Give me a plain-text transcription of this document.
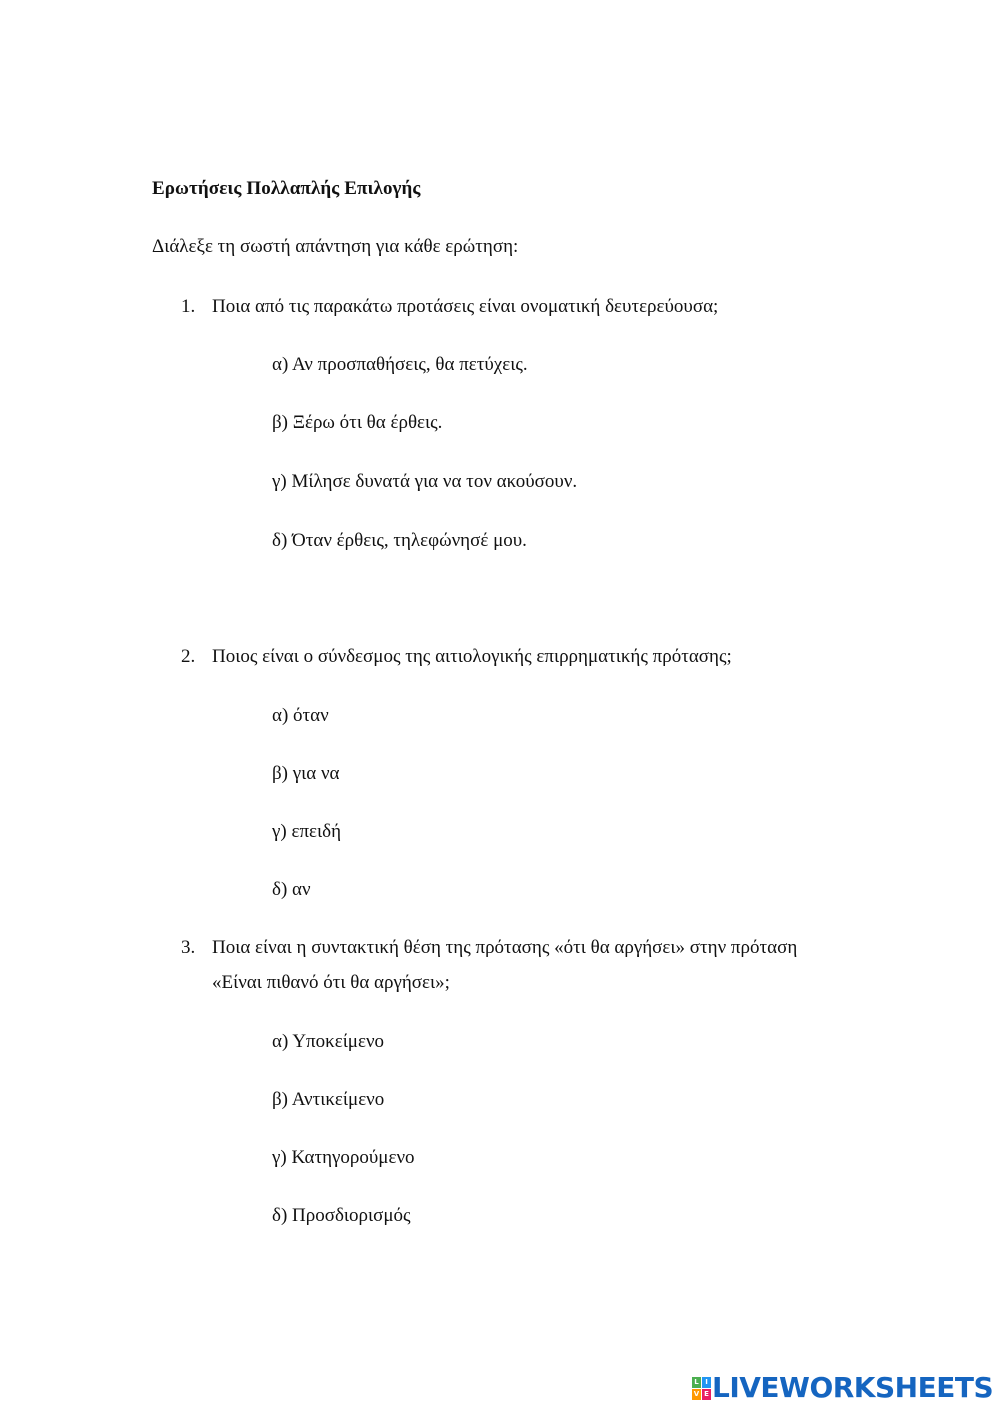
Ερωτήσεις Πολλαπλής Επιλογής
Διάλεξε τη σωστή απάντηση για κάθε ερώτηση:
1. Ποια από τις παρακάτω προτάσεις είναι ονοματική δευτερεύουσα;
α) Αν προσπαθήσεις, θα πετύχεις.
β) Ξέρω ότι θα έρθεις.
γ) Μίλησε δυνατά για να τον ακούσουν.
δ) Όταν έρθεις, τηλεφώνησέ μου.
2. Ποιος είναι ο σύνδεσμος της αιτιολογικής επιρρηματικής πρότασης;
α) όταν
β) για να
γ) επειδή
δ) αν
3. Ποια είναι η συντακτική θέση της πρότασης «ότι θα αργήσει» στην πρόταση
«Είναι πιθανό ότι θα αργήσει»;
α) Υποκείμενο
β) Αντικείμενο
γ) Κατηγορούμενο
δ) Προσδιορισμός
L I
V E LIVEWORKSHEETS
